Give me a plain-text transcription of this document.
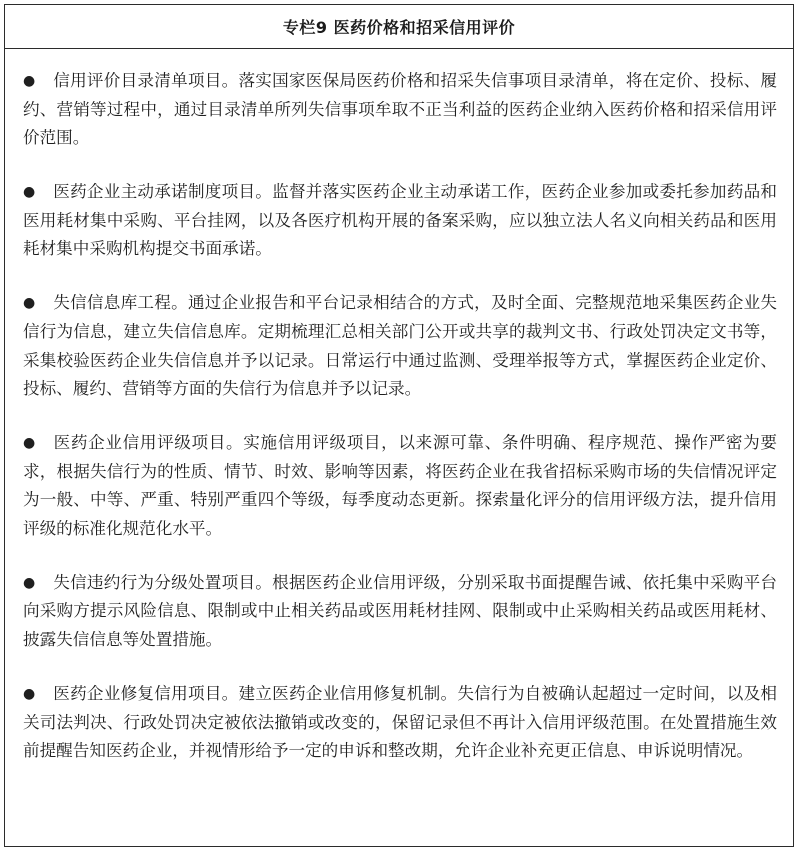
专栏9 医药价格和招采信用评价

● 信用评价目录清单项目。落实国家医保局医药价格和招采失信事项目录清单，将在定价、投标、履约、营销等过程中，通过目录清单所列失信事项牟取不正当利益的医药企业纳入医药价格和招采信用评价范围。

● 医药企业主动承诺制度项目。监督并落实医药企业主动承诺工作，医药企业参加或委托参加药品和医用耗材集中采购、平台挂网，以及各医疗机构开展的备案采购，应以独立法人名义向相关药品和医用耗材集中采购机构提交书面承诺。

● 失信信息库工程。通过企业报告和平台记录相结合的方式，及时全面、完整规范地采集医药企业失信行为信息，建立失信信息库。定期梳理汇总相关部门公开或共享的裁判文书、行政处罚决定文书等，采集校验医药企业失信信息并予以记录。日常运行中通过监测、受理举报等方式，掌握医药企业定价、投标、履约、营销等方面的失信行为信息并予以记录。

● 医药企业信用评级项目。实施信用评级项目，以来源可靠、条件明确、程序规范、操作严密为要求，根据失信行为的性质、情节、时效、影响等因素，将医药企业在我省招标采购市场的失信情况评定为一般、中等、严重、特别严重四个等级，每季度动态更新。探索量化评分的信用评级方法，提升信用评级的标准化规范化水平。

● 失信违约行为分级处置项目。根据医药企业信用评级，分别采取书面提醒告诫、依托集中采购平台向采购方提示风险信息、限制或中止相关药品或医用耗材挂网、限制或中止采购相关药品或医用耗材、披露失信信息等处置措施。

● 医药企业修复信用项目。建立医药企业信用修复机制。失信行为自被确认起超过一定时间，以及相关司法判决、行政处罚决定被依法撤销或改变的，保留记录但不再计入信用评级范围。在处置措施生效前提醒告知医药企业，并视情形给予一定的申诉和整改期，允许企业补充更正信息、申诉说明情况。
